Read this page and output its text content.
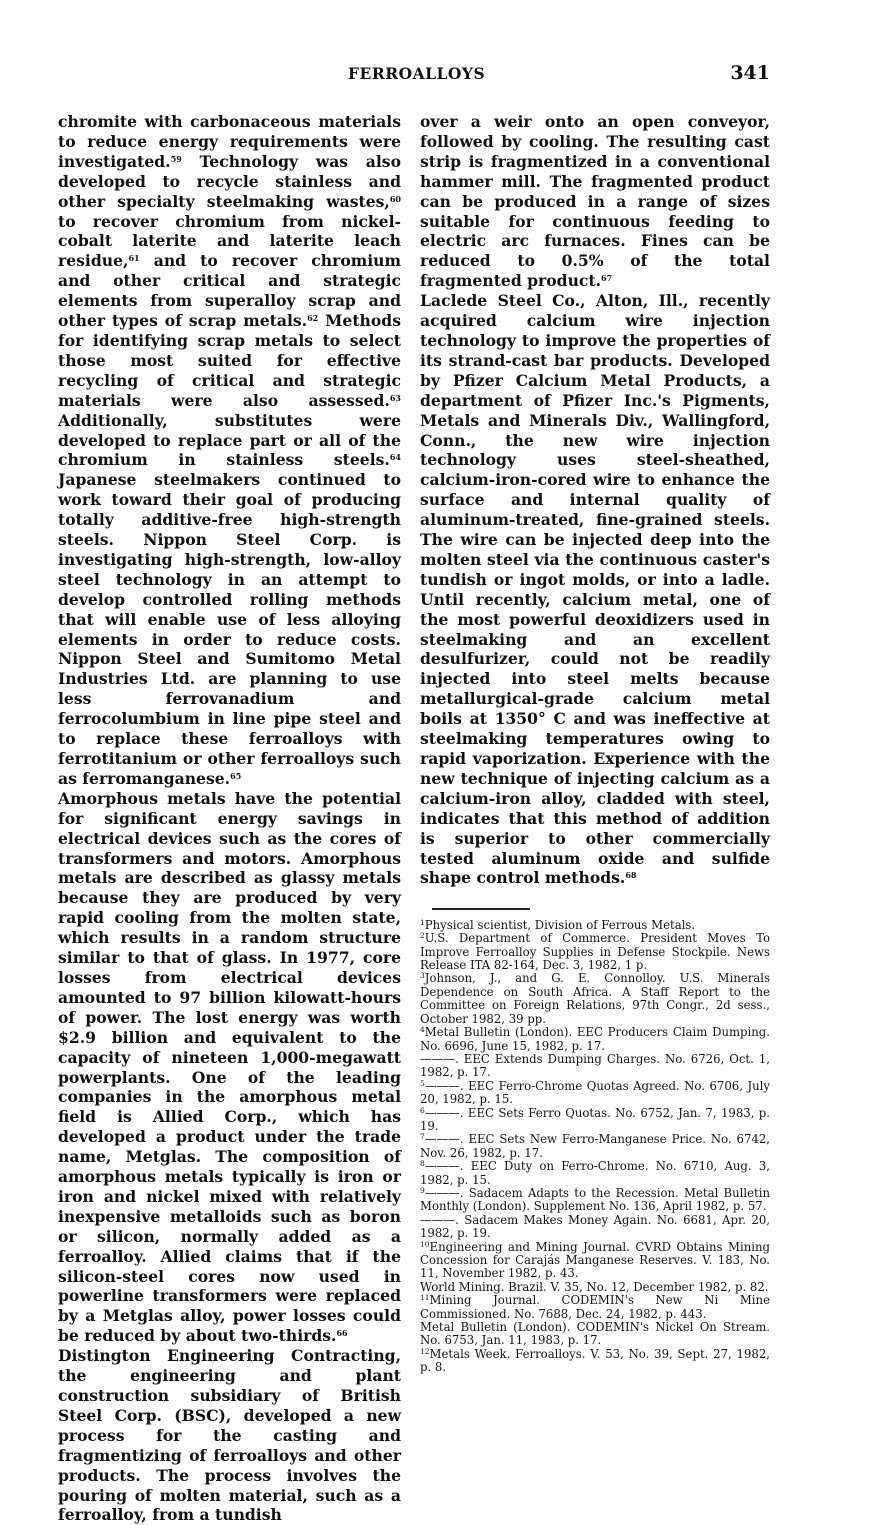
FERROALLOYS	341

chromite with carbonaceous materials to reduce energy requirements were investigated.$^{59}$ Technology was also developed to recycle stainless and other specialty steelmaking wastes,$^{60}$ to recover chromium from nickel-cobalt laterite and laterite leach residue,$^{61}$ and to recover chromium and other critical and strategic elements from superalloy scrap and other types of scrap metals.$^{62}$ Methods for identifying scrap metals to select those most suited for effective recycling of critical and strategic materials were also assessed.$^{63}$ Additionally, substitutes were developed to replace part or all of the chromium in stainless steels.$^{64}$ Japanese steelmakers continued to work toward their goal of producing totally additive-free high-strength steels. Nippon Steel Corp. is investigating high-strength, low-alloy steel technology in an attempt to develop controlled rolling methods that will enable use of less alloying elements in order to reduce costs. Nippon Steel and Sumitomo Metal Industries Ltd. are planning to use less ferrovanadium and ferrocolumbium in line pipe steel and to replace these ferroalloys with ferrotitanium or other ferroalloys such as ferromanganese.$^{65}$

Amorphous metals have the potential for significant energy savings in electrical devices such as the cores of transformers and motors. Amorphous metals are described as glassy metals because they are produced by very rapid cooling from the molten state, which results in a random structure similar to that of glass. In 1977, core losses from electrical devices amounted to 97 billion kilowatt-hours of power. The lost energy was worth $2.9 billion and equivalent to the capacity of nineteen 1,000-megawatt powerplants. One of the leading companies in the amorphous metal field is Allied Corp., which has developed a product under the trade name, Metglas. The composition of amorphous metals typically is iron or iron and nickel mixed with relatively inexpensive metalloids such as boron or silicon, normally added as a ferroalloy. Allied claims that if the silicon-steel cores now used in powerline transformers were replaced by a Metglas alloy, power losses could be reduced by about two-thirds.$^{66}$

Distington Engineering Contracting, the engineering and plant construction subsidiary of British Steel Corp. (BSC), developed a new process for the casting and fragmentizing of ferroalloys and other products. The process involves the pouring of molten material, such as a ferroalloy, from a tundish

over a weir onto an open conveyor, followed by cooling. The resulting cast strip is fragmentized in a conventional hammer mill. The fragmented product can be produced in a range of sizes suitable for continuous feeding to electric arc furnaces. Fines can be reduced to 0.5% of the total fragmented product.$^{67}$

Laclede Steel Co., Alton, Ill., recently acquired calcium wire injection technology to improve the properties of its strand-cast bar products. Developed by Pfizer Calcium Metal Products, a department of Pfizer Inc.'s Pigments, Metals and Minerals Div., Wallingford, Conn., the new wire injection technology uses steel-sheathed, calcium-iron-cored wire to enhance the surface and internal quality of aluminum-treated, fine-grained steels. The wire can be injected deep into the molten steel via the continuous caster's tundish or ingot molds, or into a ladle. Until recently, calcium metal, one of the most powerful deoxidizers used in steelmaking and an excellent desulfurizer, could not be readily injected into steel melts because metallurgical-grade calcium metal boils at 1350° C and was ineffective at steelmaking temperatures owing to rapid vaporization. Experience with the new technique of injecting calcium as a calcium-iron alloy, cladded with steel, indicates that this method of addition is superior to other commercially tested aluminum oxide and sulfide shape control methods.$^{68}$

$^1$Physical scientist, Division of Ferrous Metals.

$^2$U.S. Department of Commerce. President Moves To Improve Ferroalloy Supplies in Defense Stockpile. News Release ITA 82-164, Dec. 3, 1982, 1 p.

$^3$Johnson, J., and G. E. Connolloy. U.S. Minerals Dependence on South Africa. A Staff Report to the Committee on Foreign Relations, 97th Congr., 2d sess., October 1982, 39 pp.

$^4$Metal Bulletin (London). EEC Producers Claim Dumping. No. 6696, June 15, 1982, p. 17.

———. EEC Extends Dumping Charges. No. 6726, Oct. 1, 1982, p. 17.

$^5$———. EEC Ferro-Chrome Quotas Agreed. No. 6706, July 20, 1982, p. 15.

$^6$———. EEC Sets Ferro Quotas. No. 6752, Jan. 7, 1983, p. 19.

$^7$———. EEC Sets New Ferro-Manganese Price. No. 6742, Nov. 26, 1982, p. 17.

$^8$———. EEC Duty on Ferro-Chrome. No. 6710, Aug. 3, 1982, p. 15.

$^9$———. Sadacem Adapts to the Recession. Metal Bulletin Monthly (London). Supplement No. 136, April 1982, p. 57.

———. Sadacem Makes Money Again. No. 6681, Apr. 20, 1982, p. 19.

$^{10}$Engineering and Mining Journal. CVRD Obtains Mining Concession for Carajás Manganese Reserves. V. 183, No. 11, November 1982, p. 43.

World Mining. Brazil. V. 35, No. 12, December 1982, p. 82.

$^{11}$Mining Journal. CODEMIN's New Ni Mine Commissioned. No. 7688, Dec. 24, 1982, p. 443.

Metal Bulletin (London). CODEMIN's Nickel On Stream. No. 6753, Jan. 11, 1983, p. 17.

$^{12}$Metals Week. Ferroalloys. V. 53, No. 39, Sept. 27, 1982, p. 8.
